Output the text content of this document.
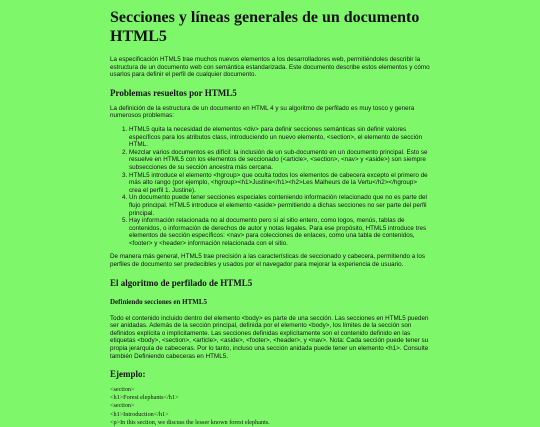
Secciones y líneas generales de un documento HTML5

La especificación HTML5 trae muchos nuevos elementos a los desarrolladores web, permitiéndoles describir la estructura de un documento web con semántica estandarizada. Este documento describe estos elementos y cómo usarlos para definir el perfil de cualquier documento.

Problemas resueltos por HTML5

La definición de la estructura de un documento en HTML 4 y su algoritmo de perfilado es muy tosco y genera numerosos problemas:

1. HTML5 quita la necesidad de elementos <div> para definir secciones semánticas sin definir valores específicos para los atributos class, introduciendo un nuevo elemento, <section>, el elemento de sección HTML.
2. Mezclar varios documentos es difícil: la inclusión de un sub-documento en un documento principal. Esto se resuelve en HTML5 con los elementos de seccionado (<article>, <section>, <nav> y <aside>) son siempre subsecciones de su sección ancestra más cercana.
3. HTML5 introduce el elemento <hgroup> que oculta todos los elementos de cabecera excepto el primero de más alto rango (por ejemplo, <hgroup><h1>Justine</h1><h2>Les Malheurs de la Vertu</h2></hgroup> crea el perfil 1. Justine).
4. Un documento puede tener secciones especiales conteniendo información relacionado que no es parte del flujo principal. HTML5 introduce el elemento <aside> permitiendo a dichas secciones no ser parte del perfil principal.
5. Hay información relacionada no al documento pero sí al sitio entero, como logos, menús, tablas de contenidos, o información de derechos de autor y notas legales. Para ese propósito, HTML5 introduce tres elementos de sección específicos: <nav> para colecciones de enlaces, como una tabla de contenidos, <footer> y <header> información relacionada con el sitio.

De manera más general, HTML5 trae precisión a las características de seccionado y cabecera, permitiendo a los perfiles de documento ser predecibles y usados por el navegador para mejorar la experiencia de usuario.

El algoritmo de perfilado de HTML5
Definiendo secciones en HTML5

Todo el contenido incluido dentro del elemento <body> es parte de una sección. Las secciones en HTML5 pueden ser anidadas. Además de la sección principal, definida por el elemento <body>, los límites de la sección son definidos explícita o implícitamente. Las secciones definidas explícitamente son el contenido definido en las etiquetas <body>, <section>, <article>, <aside>, <footer>, <header>, y <nav>. Nota: Cada sección puede tener su propia jerarquía de cabeceras. Por lo tanto, incluso una sección anidada puede tener un elemento <h1>. Consulte también Definiendo cabeceras en HTML5.

Ejemplo:
<section>
<h1>Forest elephants</h1>
<section>
<h1>Introduction</h1>
<p>In this section, we discuss the lesser known forest elephants.
